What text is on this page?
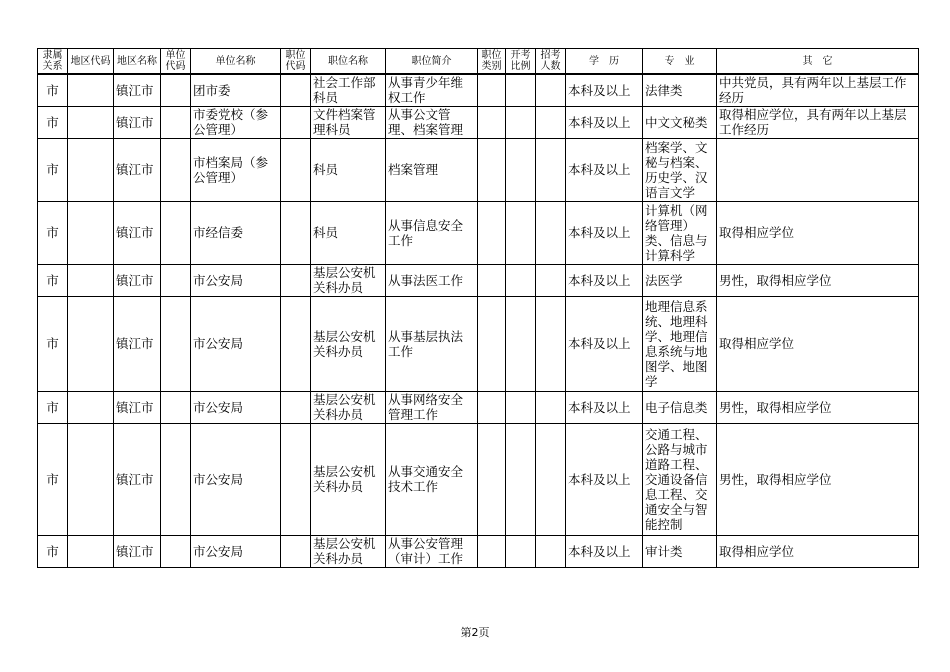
隶属关系	地区代码	地区名称	单位代码	单位名称	职位代码	职位名称	职位简介	职位类别	开考比例	招考人数	学　历	专　业	其　它
市		镇江市		团市委		社会工作部科员	从事青少年维权工作				本科及以上	法律类	中共党员，具有两年以上基层工作经历
市		镇江市		市委党校（参公管理）		文件档案管理科员	从事公文管理、档案管理				本科及以上	中文文秘类	取得相应学位，具有两年以上基层工作经历
市		镇江市		市档案局（参公管理）		科员	档案管理				本科及以上	档案学、文秘与档案、历史学、汉语言文学	
市		镇江市		市经信委		科员	从事信息安全工作				本科及以上	计算机（网络管理）类、信息与计算科学	取得相应学位
市		镇江市		市公安局		基层公安机关科办员	从事法医工作				本科及以上	法医学	男性，取得相应学位
市		镇江市		市公安局		基层公安机关科办员	从事基层执法工作				本科及以上	地理信息系统、地理科学、地理信息系统与地图学、地图学	取得相应学位
市		镇江市		市公安局		基层公安机关科办员	从事网络安全管理工作				本科及以上	电子信息类	男性，取得相应学位
市		镇江市		市公安局		基层公安机关科办员	从事交通安全技术工作				本科及以上	交通工程、公路与城市道路工程、交通设备信息工程、交通安全与智能控制	男性，取得相应学位
市		镇江市		市公安局		基层公安机关科办员	从事公安管理（审计）工作				本科及以上	审计类	取得相应学位
第2页
